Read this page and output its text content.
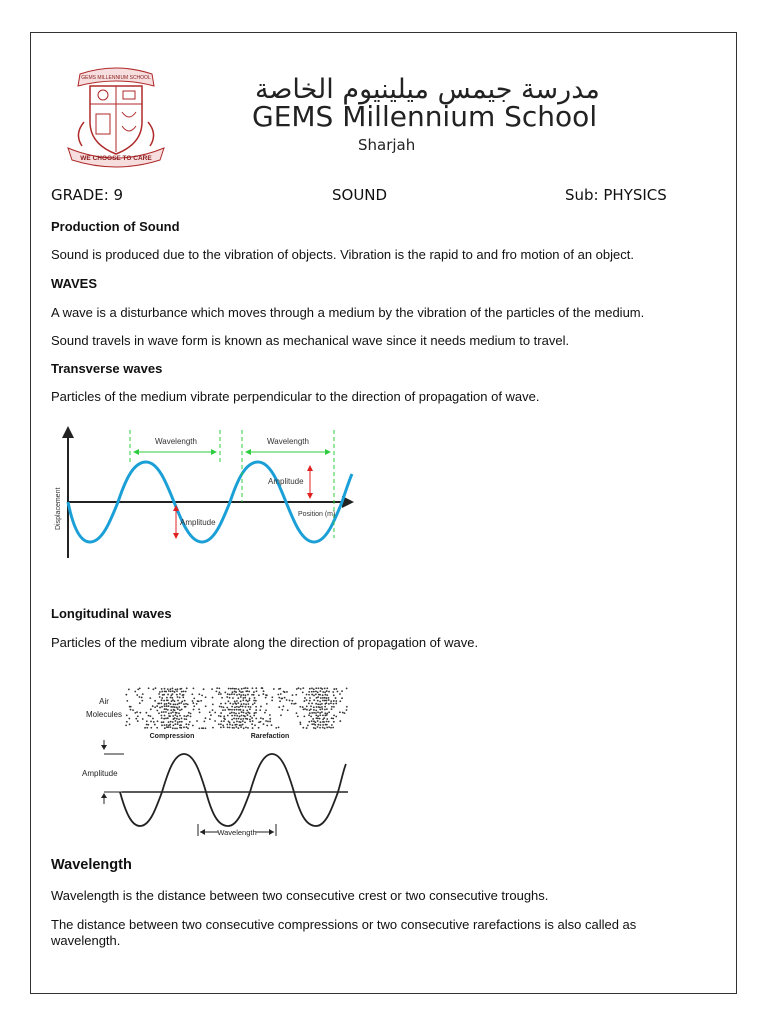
WE CHOOSE TO CARE
GEMS MILLENNIUM SCHOOL	مدرسة جيمس ميلينيوم الخاصة
GEMS Millennium School
Sharjah
GRADE: 9	SOUND	Sub: PHYSICS
Production of Sound
Sound is produced due to the vibration of objects. Vibration is the rapid to and fro motion of an object.
WAVES
A wave is a disturbance which moves through a medium by the vibration of the particles of the medium.
Sound travels in wave form is known as mechanical wave since it needs medium to travel.
Transverse waves
Particles of the medium vibrate perpendicular to the direction of propagation of wave.
Wavelength	Wavelength
Amplitude
Amplitude
Position (m)
Displacement
Longitudinal waves
Particles of the medium vibrate along the direction of propagation of wave.
Air
Molecules
Compression	Rarefaction
Amplitude
Wavelength
Wavelength
Wavelength is the distance between two consecutive crest or two consecutive troughs.
The distance between two consecutive compressions or two consecutive rarefactions is also called as
wavelength.
